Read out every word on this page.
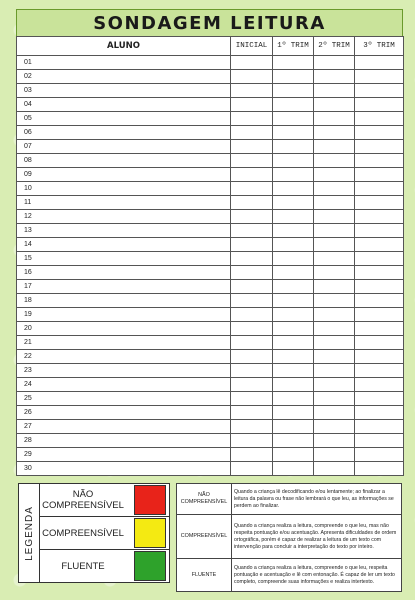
SONDAGEM LEITURA
ALUNO	INICIAL	1º TRIM	2º TRIM	3º TRIM
01				
02				
03				
04				
05				
06				
07				
08				
09				
10				
11				
12				
13				
14				
15				
16				
17				
18				
19				
20				
21				
22				
23				
24				
25				
26				
27				
28				
29				
30				
LEGENDA
NÃO COMPREENSÍVEL
COMPREENSÍVEL
FLUENTE
NÃO COMPREENSÍVEL	Quando a criança lê decodificando e/ou lentamente; ao finalizar a leitura da palavra ou frase não lembrará o que leu, as informações se perdem ao finalizar.
COMPREENSÍVEL	Quando a criança realiza a leitura, compreende o que leu, mas não respeita pontuação e/ou acentuação. Apresenta dificuldades de ordem ortográfica, porém é capaz de realizar a leitura de um texto com intervenção para concluir a interpretação do texto por inteiro.
FLUENTE	Quando a criança realiza a leitura, compreende o que leu, respeita pontuação e acentuação e lê com entonação. É capaz de ler um texto completo, compreende suas informações e realiza intertexto.
